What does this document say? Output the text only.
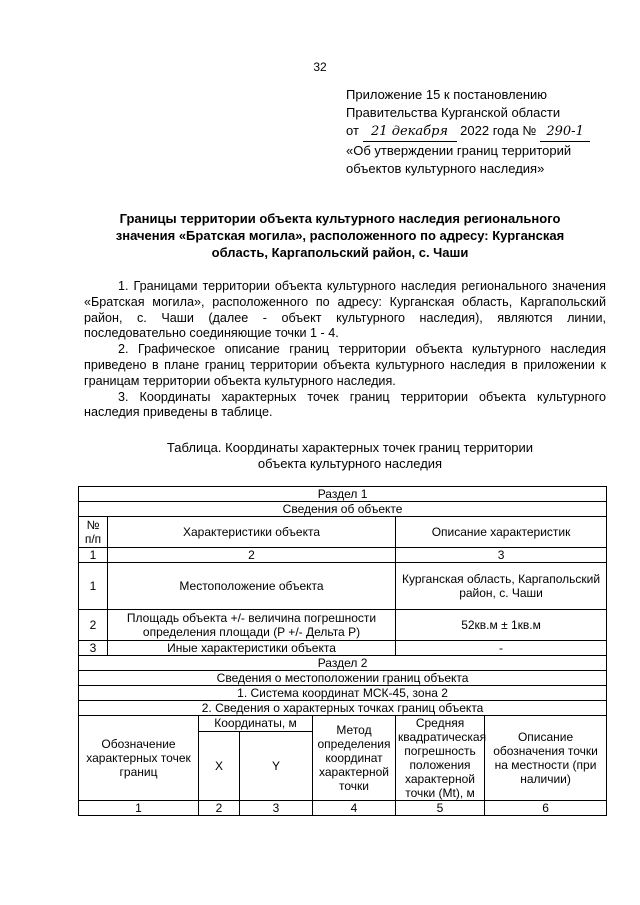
32
Приложение 15 к постановлению
Правительства Курганской области
от 21 декабря 2022 года № 290-1
«Об утверждении границ территорий
объектов культурного наследия»
Границы территории объекта культурного наследия регионального значения «Братская могила», расположенного по адресу: Курганская область, Каргапольский район, с. Чаши

1. Границами территории объекта культурного наследия регионального значения «Братская могила», расположенного по адресу: Курганская область, Каргапольский район, с. Чаши (далее - объект культурного наследия), являются линии, последовательно соединяющие точки 1 - 4.

2. Графическое описание границ территории объекта культурного наследия приведено в плане границ территории объекта культурного наследия в приложении к границам территории объекта культурного наследия.

3. Координаты характерных точек границ территории объекта культурного наследия приведены в таблице.

Таблица. Координаты характерных точек границ территории
объекта культурного наследия
Раздел 1						
Сведения об объекте						
№ п/п	Характеристики объекта				Описание характеристик	
1	2				3	
1	Местоположение объекта				Курганская область, Каргапольский район, с. Чаши	
2	Площадь объекта +/- величина погрешности определения площади (P +/- Дельта P)				52кв.м ± 1кв.м	
3	Иные характеристики объекта				-	
Раздел 2						
Сведения о местоположении границ объекта						
1. Система координат МСК-45, зона 2						
2. Сведения о характерных точках границ объекта						
Обозначение характерных точек границ		Координаты, м		Метод определения координат характерной точки	Средняя квадратическая погрешность положения характерной точки (Mt), м	Описание обозначения точки на местности (при наличии)
		X	Y			
1		2	3	4	5	6
